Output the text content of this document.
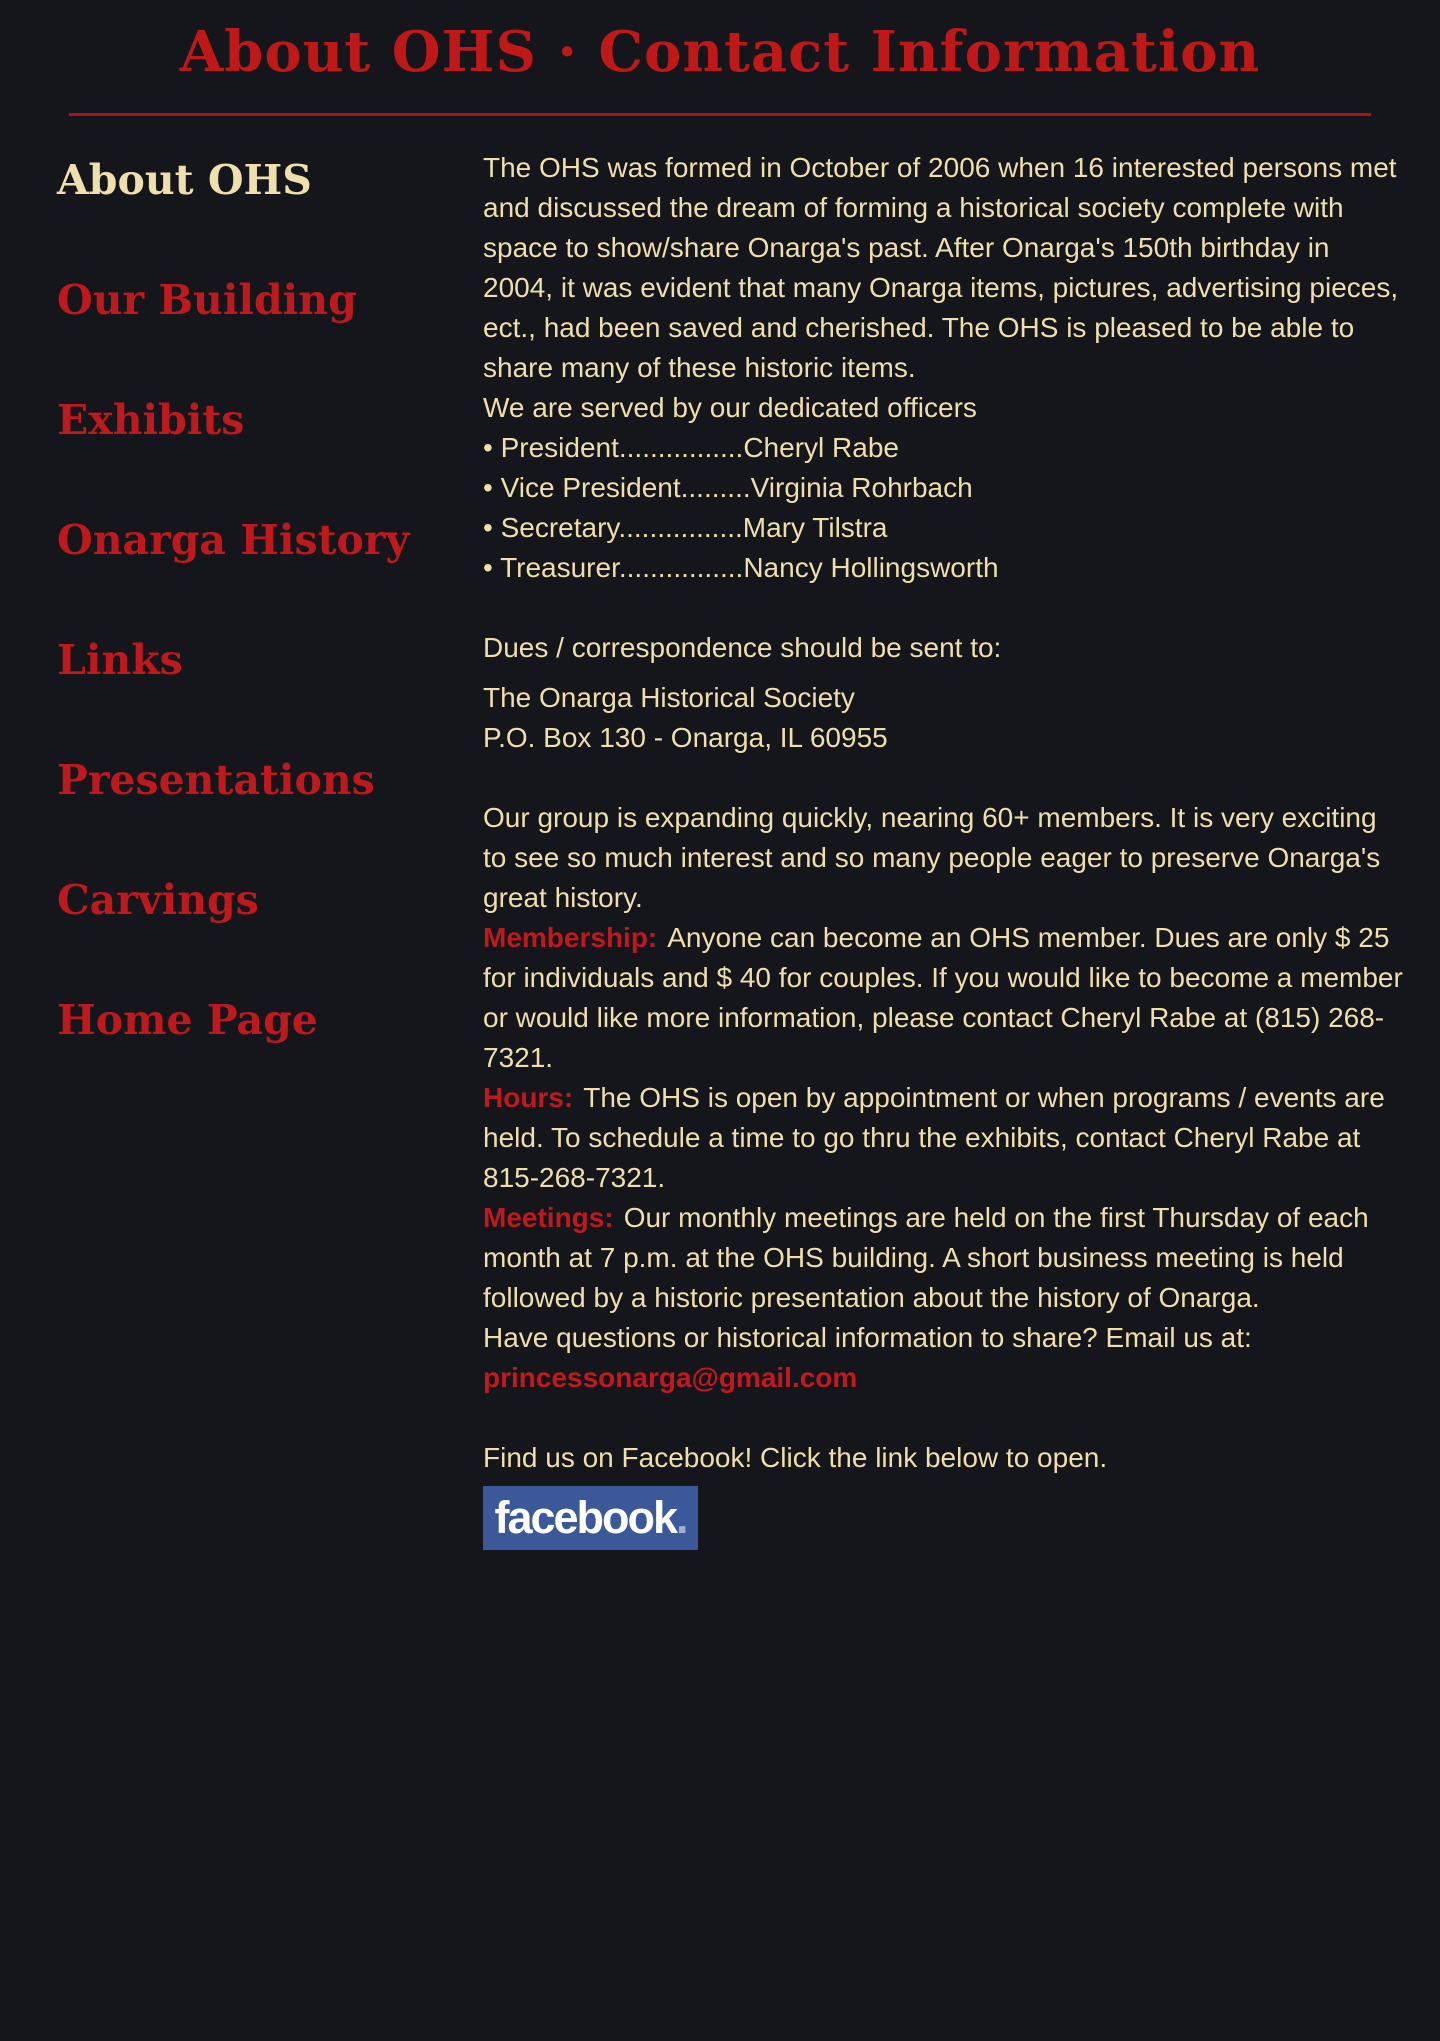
About OHS · Contact Information
About OHS
Our Building
Exhibits
Onarga History
Links
Presentations
Carvings
Home Page

The OHS was formed in October of 2006 when 16 interested persons met and discussed the dream of forming a historical society complete with space to show/share Onarga's past. After Onarga's 150th birthday in 2004, it was evident that many Onarga items, pictures, advertising pieces, ect., had been saved and cherished. The OHS is pleased to be able to share many of these historic items.

We are served by our dedicated officers

• President................Cheryl Rabe
• Vice President.........Virginia Rohrbach
• Secretary................Mary Tilstra
• Treasurer................Nancy Hollingsworth

Dues / correspondence should be sent to:

The Onarga Historical Society
P.O. Box 130 - Onarga, IL 60955

Our group is expanding quickly, nearing 60+ members. It is very exciting to see so much interest and so many people eager to preserve Onarga's great history.

Membership: Anyone can become an OHS member. Dues are only $ 25 for individuals and $ 40 for couples. If you would like to become a member or would like more information, please contact Cheryl Rabe at (815) 268-7321.

Hours: The OHS is open by appointment or when programs / events are held. To schedule a time to go thru the exhibits, contact Cheryl Rabe at 815-268-7321.

Meetings: Our monthly meetings are held on the first Thursday of each month at 7 p.m. at the OHS building. A short business meeting is held followed by a historic presentation about the history of Onarga.

Have questions or historical information to share? Email us at:
princessonarga@gmail.com

Find us on Facebook! Click the link below to open.

facebook.
